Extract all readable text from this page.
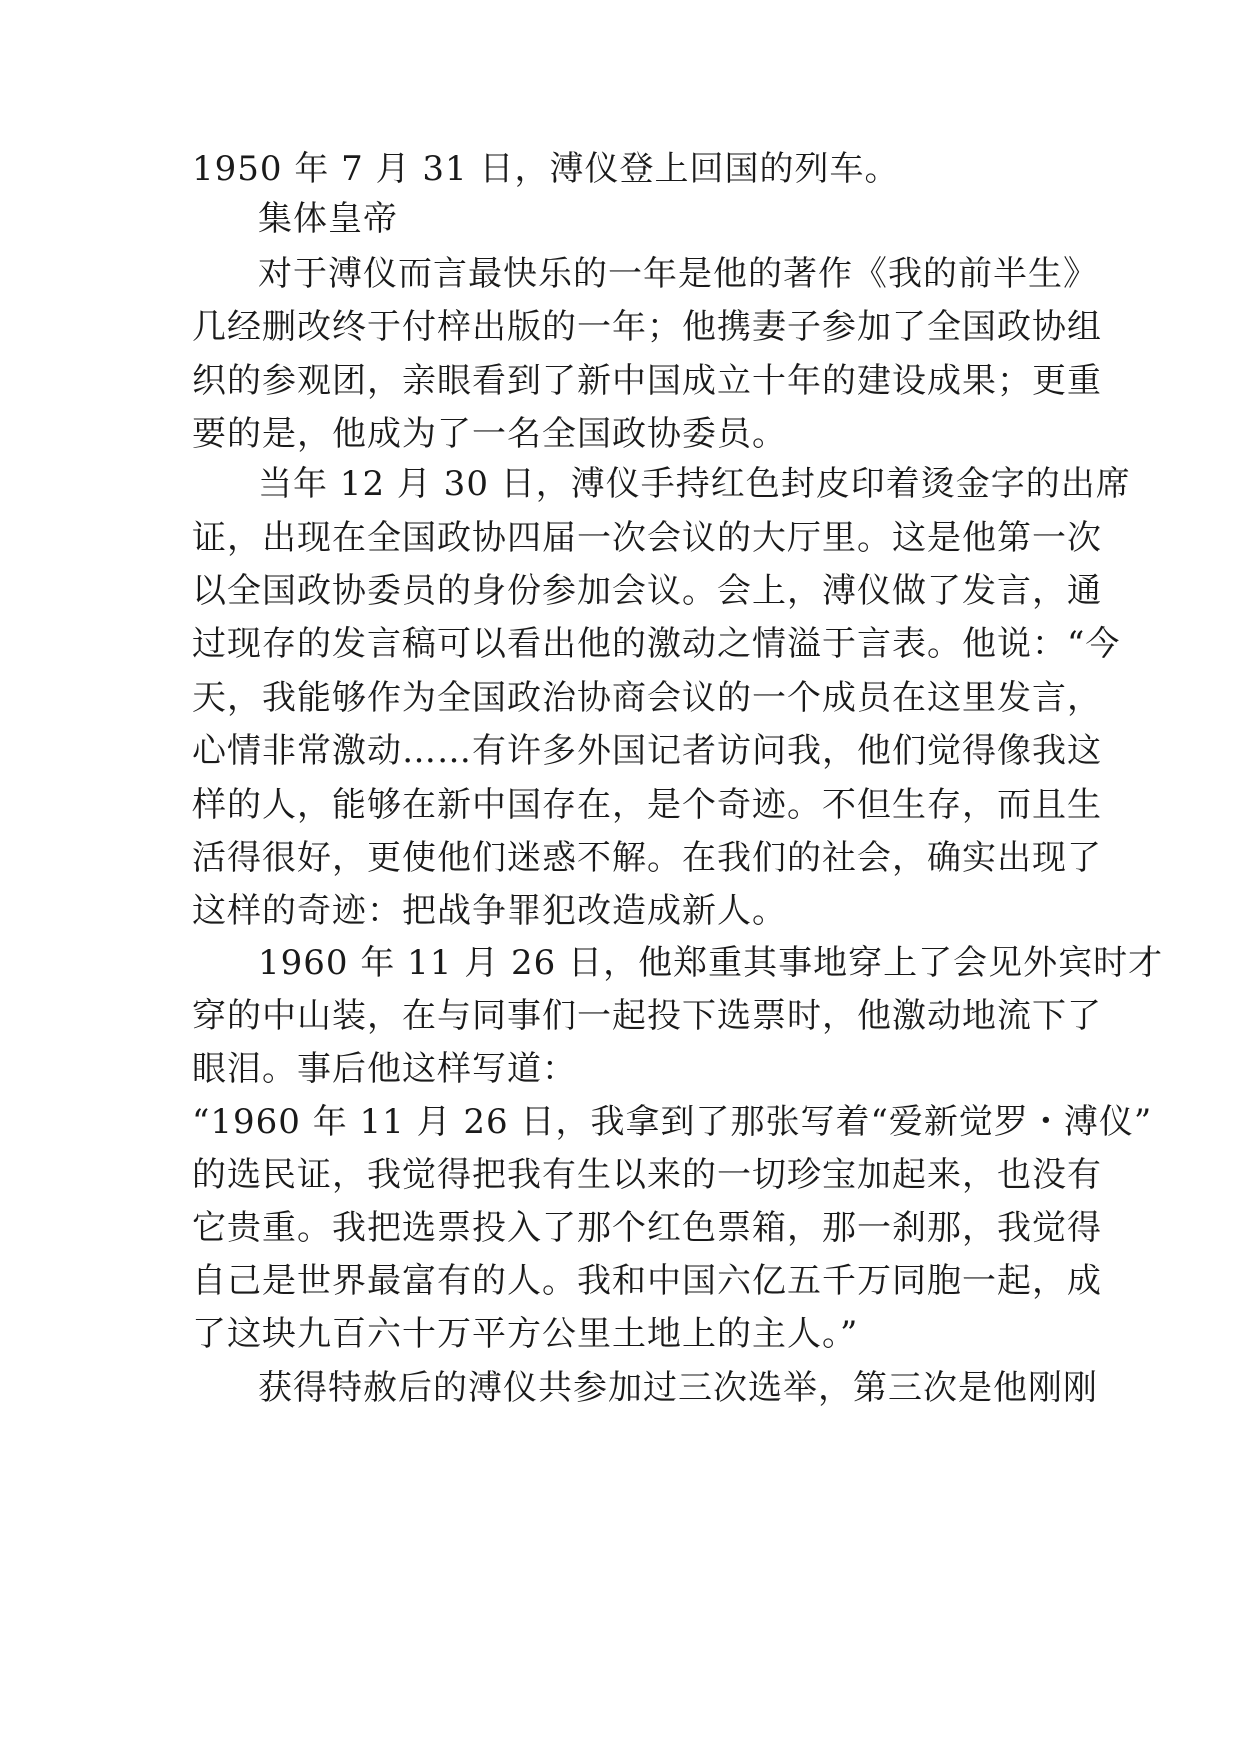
1950 年 7 月 31 日，溥仪登上回国的列车。
集体皇帝
对于溥仪而言最快乐的一年是他的著作《我的前半生》
几经删改终于付梓出版的一年；他携妻子参加了全国政协组
织的参观团，亲眼看到了新中国成立十年的建设成果；更重
要的是，他成为了一名全国政协委员。
当年 12 月 30 日，溥仪手持红色封皮印着烫金字的出席
证，出现在全国政协四届一次会议的大厅里。这是他第一次
以全国政协委员的身份参加会议。会上，溥仪做了发言，通
过现存的发言稿可以看出他的激动之情溢于言表。他说：“今
天，我能够作为全国政治协商会议的一个成员在这里发言，
心情非常激动……有许多外国记者访问我，他们觉得像我这
样的人，能够在新中国存在，是个奇迹。不但生存，而且生
活得很好，更使他们迷惑不解。在我们的社会，确实出现了
这样的奇迹：把战争罪犯改造成新人。
1960 年 11 月 26 日，他郑重其事地穿上了会见外宾时才
穿的中山装，在与同事们一起投下选票时，他激动地流下了
眼泪。事后他这样写道：
“1960 年 11 月 26 日，我拿到了那张写着“爱新觉罗・溥仪”
的选民证，我觉得把我有生以来的一切珍宝加起来，也没有
它贵重。我把选票投入了那个红色票箱，那一刹那，我觉得
自己是世界最富有的人。我和中国六亿五千万同胞一起，成
了这块九百六十万平方公里土地上的主人。”
获得特赦后的溥仪共参加过三次选举，第三次是他刚刚
